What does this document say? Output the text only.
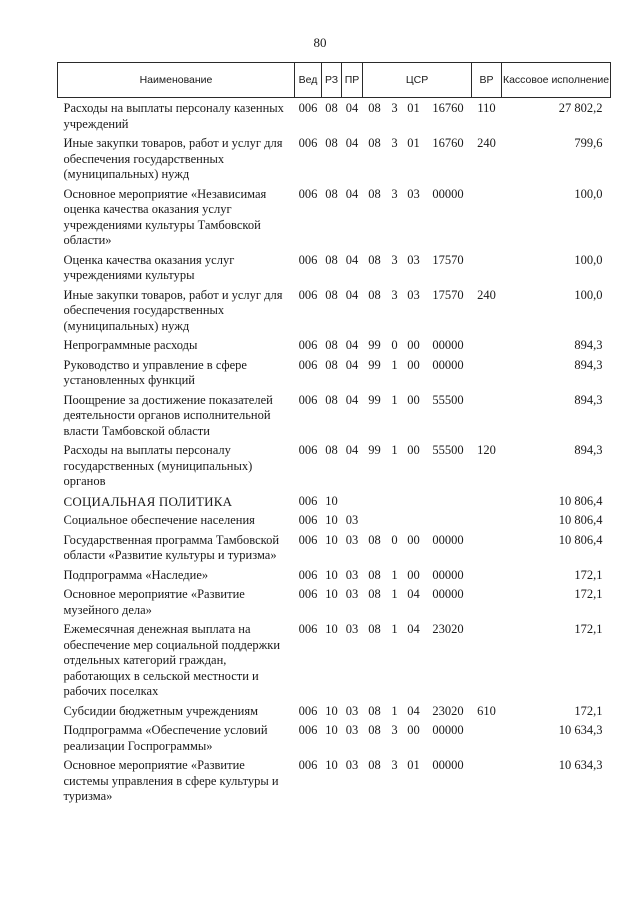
80
Наименование	Вед	РЗ	ПР	ЦСР				ВР	Кассовое исполнение
Расходы на выплаты персоналу казенных учреждений	006	08	04	08	3	01	16760	110	27 802,2
Иные закупки товаров, работ и услуг для обеспечения государственных (муниципальных) нужд	006	08	04	08	3	01	16760	240	799,6
Основное мероприятие «Независимая оценка качества оказания услуг учреждениями культуры Тамбовской области»	006	08	04	08	3	03	00000		100,0
Оценка качества оказания услуг учреждениями культуры	006	08	04	08	3	03	17570		100,0
Иные закупки товаров, работ и услуг для обеспечения государственных (муниципальных) нужд	006	08	04	08	3	03	17570	240	100,0
Непрограммные расходы	006	08	04	99	0	00	00000		894,3
Руководство и управление в сфере установленных функций	006	08	04	99	1	00	00000		894,3
Поощрение за достижение показателей деятельности органов исполнительной власти Тамбовской области	006	08	04	99	1	00	55500		894,3
Расходы на выплаты персоналу государственных (муниципальных) органов	006	08	04	99	1	00	55500	120	894,3
СОЦИАЛЬНАЯ ПОЛИТИКА	006	10							10 806,4
Социальное обеспечение населения	006	10	03						10 806,4
Государственная программа Тамбовской области «Развитие культуры и туризма»	006	10	03	08	0	00	00000		10 806,4
Подпрограмма «Наследие»	006	10	03	08	1	00	00000		172,1
Основное мероприятие «Развитие музейного дела»	006	10	03	08	1	04	00000		172,1
Ежемесячная денежная выплата на обеспечение мер социальной поддержки отдельных категорий граждан, работающих в сельской местности и рабочих поселках	006	10	03	08	1	04	23020		172,1
Субсидии бюджетным учреждениям	006	10	03	08	1	04	23020	610	172,1
Подпрограмма «Обеспечение условий реализации Госпрограммы»	006	10	03	08	3	00	00000		10 634,3
Основное мероприятие «Развитие системы управления в сфере культуры и туризма»	006	10	03	08	3	01	00000		10 634,3
